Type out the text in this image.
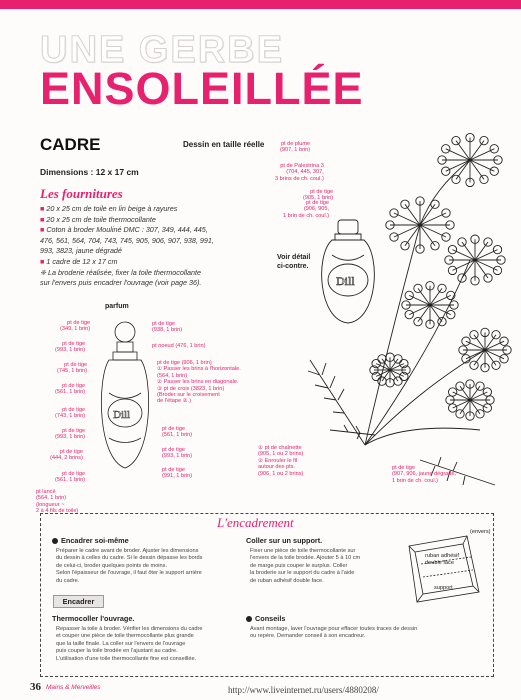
UNE GERBE
ENSOLEILLÉE
CADRE	Dessin en taille réelle
Dimensions : 12 x 17 cm
Les fournitures
■ 20 x 25 cm de toile en lin beige à rayures
■ 20 x 25 cm de toile thermocollante
■ Coton à broder Mouliné DMC : 307, 349, 444, 445,
476, 561, 564, 704, 743, 745, 905, 906, 907, 938, 991,
993, 3823, jaune dégradé
■ 1 cadre de 12 x 17 cm
❈ La broderie réalisée, fixer la toile thermocollante
sur l'envers puis encadrer l'ouvrage (voir page 36).	Dill
Voir détail
ci-contre.
pt de plume
(907, 1 brin)
pt de Palestrina 3
(704, 445, 307,
3 brins de ch. coul.)
pt de tige
(905, 1 brin)
pt de tige
(906, 905,
1 brin de ch. coul.)
① pt de chaînette
(905, 1 ou 2 brins)
② Enrouler le fil
autour des pts.
(906, 1 ou 2 brins)
pt de tige
(907, 906, jaune dégradé,
1 brin de ch. coul.)
parfum
Dill
pt de tige
(349, 1 brin)
pt de tige
(993, 1 brin)
pt de tige
(745, 1 brin)
pt de tige
(561, 1 brin)
pt de tige
(743, 1 brin)
pt de tige
(993, 1 brin)
pt de tige
(444, 2 brins)
pt de tige
(561, 1 brin)
pt lancé
(564, 1 brin)
(longueur ~
2 à 4 fils de toile)
pt de tige
(938, 1 brin)
pt noeud (476, 1 brin)
pt de tige (906, 1 brin)
① Passer les brins à l'horizontale.
(564, 1 brin)
② Passer les brins en diagonale.
③ pt de croix (3823, 1 brin)
(Broder sur le croisement
de l'étape ②.)
pt de tige
(561, 1 brin)
pt de tige
(993, 1 brin)
pt de tige
(991, 1 brin)
L'encadrement
Encadrer soi-même
Préparer le cadre avant de broder. Ajuster les dimensions
du dessin à celles du cadre. Si le dessin dépasse les bords
de celui-ci, broder quelques points de moins.
Selon l'épaisseur de l'ouvrage, il faut ôter le support arrière
du cadre.
Encadrer
Thermocoller l'ouvrage.
Repasser la toile à broder. Vérifier les dimensions du cadre
et couper une pièce de toile thermocollante plus grande
que la taille finale. La coller sur l'envers de l'ouvrage
puis couper la toile brodée en l'ajustant au cadre.
L'utilisation d'une toile thermocollante fine est conseillée.
Coller sur un support.
Fixer une pièce de toile thermocollante sur
l'envers de la toile brodée. Ajouter 5 à 10 cm
de marge puis couper le surplus. Coller
la broderie sur le support du cadre à l'aide
de ruban adhésif double face.
Conseils
Avant montage, laver l'ouvrage pour effacer toutes traces de dessin
ou repère. Demander conseil à son encadreur.
(envers)
ruban adhésif
double face
support
36 Mains & Merveilles	http://www.liveinternet.ru/users/4880208/
